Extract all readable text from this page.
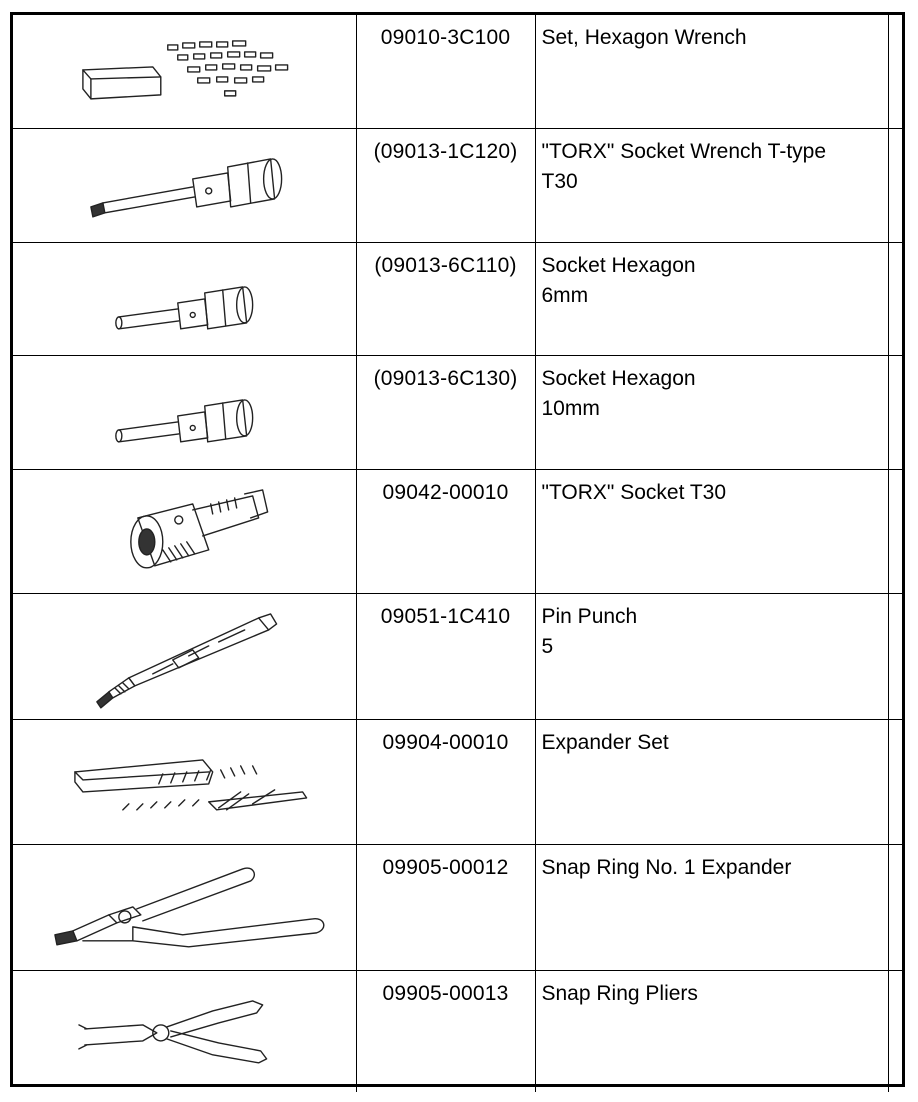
	09010-3C100	Set, Hexagon Wrench	

	(09013-1C120)	"TORX" Socket Wrench T-type
T30	

	(09013-6C110)	Socket Hexagon
6mm	

	(09013-6C130)	Socket Hexagon
10mm	

	09042-00010	"TORX" Socket T30	

	09051-1C410	Pin Punch
5	

	09904-00010	Expander Set	

	09905-00012	Snap Ring No. 1 Expander	

	09905-00013	Snap Ring Pliers	
